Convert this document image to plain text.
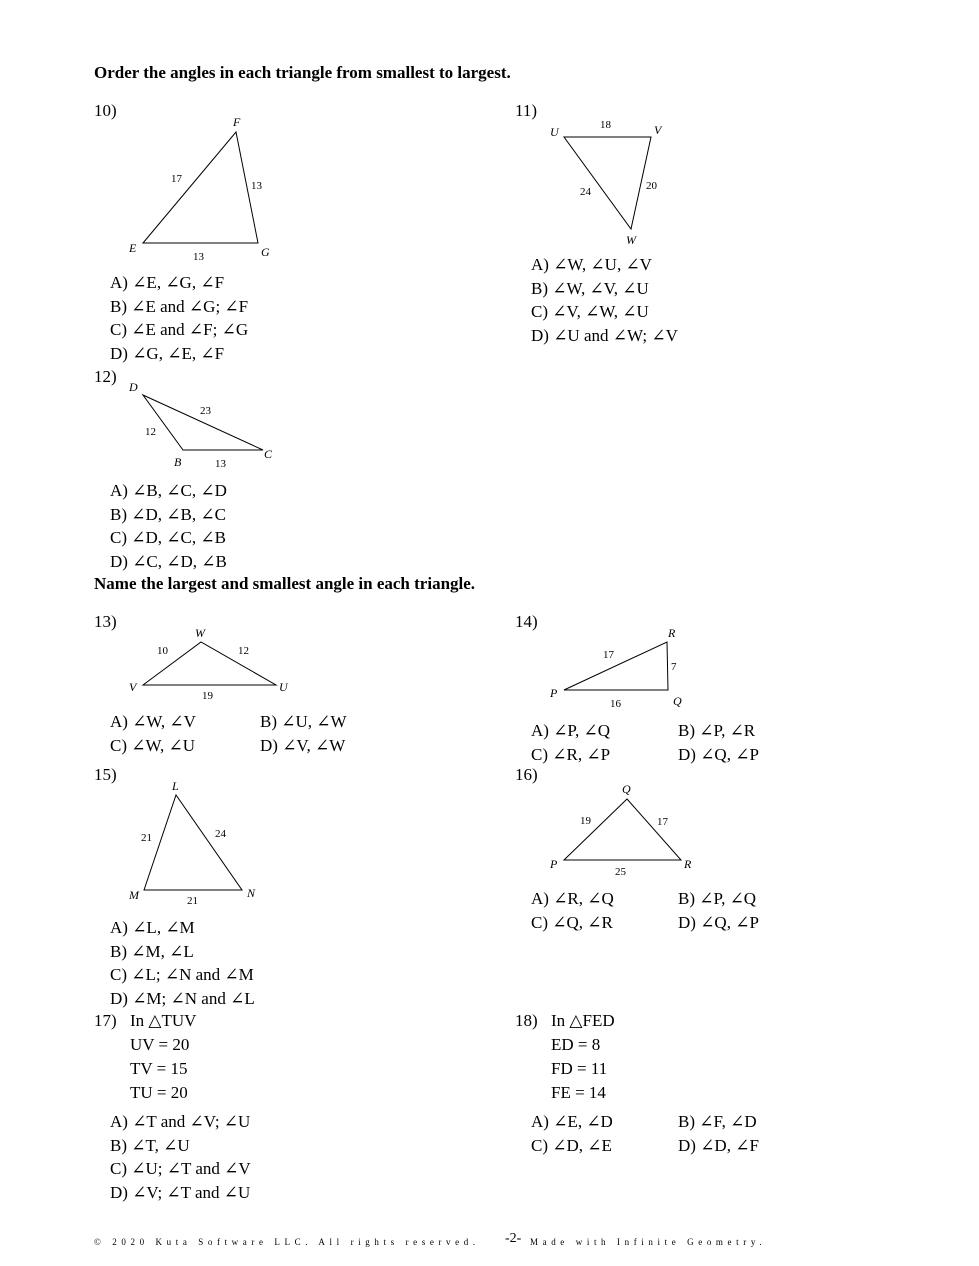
Order the angles in each triangle from smallest to largest.
Name the largest and smallest angle in each triangle.
10)
F
E	G
17
13
13
A) ∠E, ∠G, ∠F
B) ∠E and ∠G; ∠F
C) ∠E and ∠F; ∠G
D) ∠G, ∠E, ∠F
11)
U	V
W
18
24	20
A) ∠W, ∠U, ∠V
B) ∠W, ∠V, ∠U
C) ∠V, ∠W, ∠U
D) ∠U and ∠W; ∠V
12)
D
B
C
23
12
13
A) ∠B, ∠C, ∠D
B) ∠D, ∠B, ∠C
C) ∠D, ∠C, ∠B
D) ∠C, ∠D, ∠B
13)
W
V	U
10	12
19
A) ∠W, ∠V	B) ∠U, ∠W
C) ∠W, ∠U	D) ∠V, ∠W
14)
R
P
Q
17
7
16
A) ∠P, ∠Q	B) ∠P, ∠R
C) ∠R, ∠P	D) ∠Q, ∠P
15)
L
M	N
21	24
21
A) ∠L, ∠M
B) ∠M, ∠L
C) ∠L; ∠N and ∠M
D) ∠M; ∠N and ∠L
16)
Q
P	R
19	17
25
A) ∠R, ∠Q	B) ∠P, ∠Q
C) ∠Q, ∠R	D) ∠Q, ∠P
17) In △TUV
UV = 20
TV = 15
TU = 20
A) ∠T and ∠V; ∠U
B) ∠T, ∠U
C) ∠U; ∠T and ∠V
D) ∠V; ∠T and ∠U
18) In △FED
ED = 8
FD = 11
FE = 14
A) ∠E, ∠D	B) ∠F, ∠D
C) ∠D, ∠E	D) ∠D, ∠F
© 2020 Kuta Software LLC. All rights reserved. -2- Made with Infinite Geometry.
